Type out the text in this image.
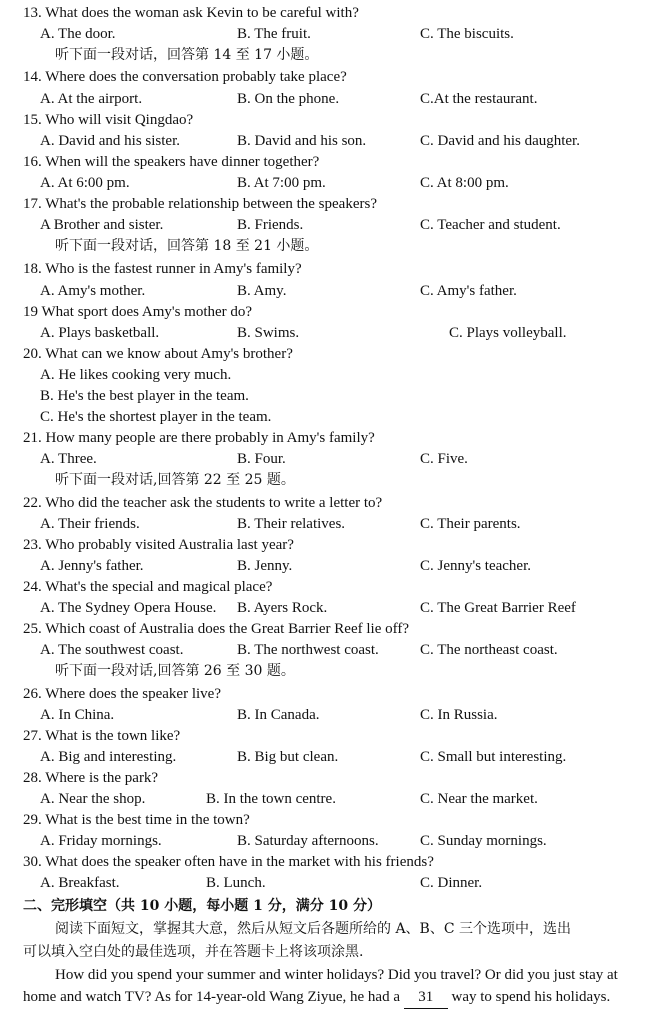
13. What does the woman ask Kevin to be careful with?
A. The door.	B. The fruit.	C. The biscuits.
听下面一段对话，回答第 14 至 17 小题。
14. Where does the conversation probably take place?
A. At the airport.	B. On the phone.	C.At the restaurant.
15. Who will visit Qingdao?
A. David and his sister.	B. David and his son.	C. David and his daughter.
16. When will the speakers have dinner together?
A. At 6:00 pm.	B. At 7:00 pm.	C. At 8:00 pm.
17. What's the probable relationship between the speakers?
A Brother and sister.	B. Friends.	C. Teacher and student.
听下面一段对话，回答第 18 至 21 小题。
18. Who is the fastest runner in Amy's family?
A. Amy's mother.	B. Amy.	C. Amy's father.
19 What sport does Amy's mother do?
A. Plays basketball.	B. Swims.	C. Plays volleyball.
20. What can we know about Amy's brother?
A. He likes cooking very much.
B. He's the best player in the team.
C. He's the shortest player in the team.
21. How many people are there probably in Amy's family?
A. Three.	B. Four.	C. Five.
听下面一段对话,回答第 22 至 25 题。
22. Who did the teacher ask the students to write a letter to?
A. Their friends.	B. Their relatives.	C. Their parents.
23. Who probably visited Australia last year?
A. Jenny's father.	B. Jenny.	C. Jenny's teacher.
24. What's the special and magical place?
A. The Sydney Opera House. B. Ayers Rock.	C. The Great Barrier Reef
25. Which coast of Australia does the Great Barrier Reef lie off?
A. The southwest coast.	B. The northwest coast.	C. The northeast coast.
听下面一段对话,回答第 26 至 30 题。
26. Where does the speaker live?
A. In China.	B. In Canada.	C. In Russia.
27. What is the town like?
A. Big and interesting.	B. Big but clean.	C. Small but interesting.
28. Where is the park?
A. Near the shop.	B. In the town centre.	C. Near the market.
29. What is the best time in the town?
A. Friday mornings.	B. Saturday afternoons.	C. Sunday mornings.
30. What does the speaker often have in the market with his friends?
A. Breakfast.	B. Lunch.	C. Dinner.
二、完形填空（共 10 小题，每小题 1 分，满分 10 分）
阅读下面短文，掌握其大意，然后从短文后各题所给的 A、B、C 三个选项中，选出
可以填入空白处的最佳选项，并在答题卡上将该项涂黑.
How did you spend your summer and winter holidays? Did you travel? Or did you just stay at
home and watch TV? As for 14-year-old Wang Ziyue, he had a 31 way to spend his holidays.
